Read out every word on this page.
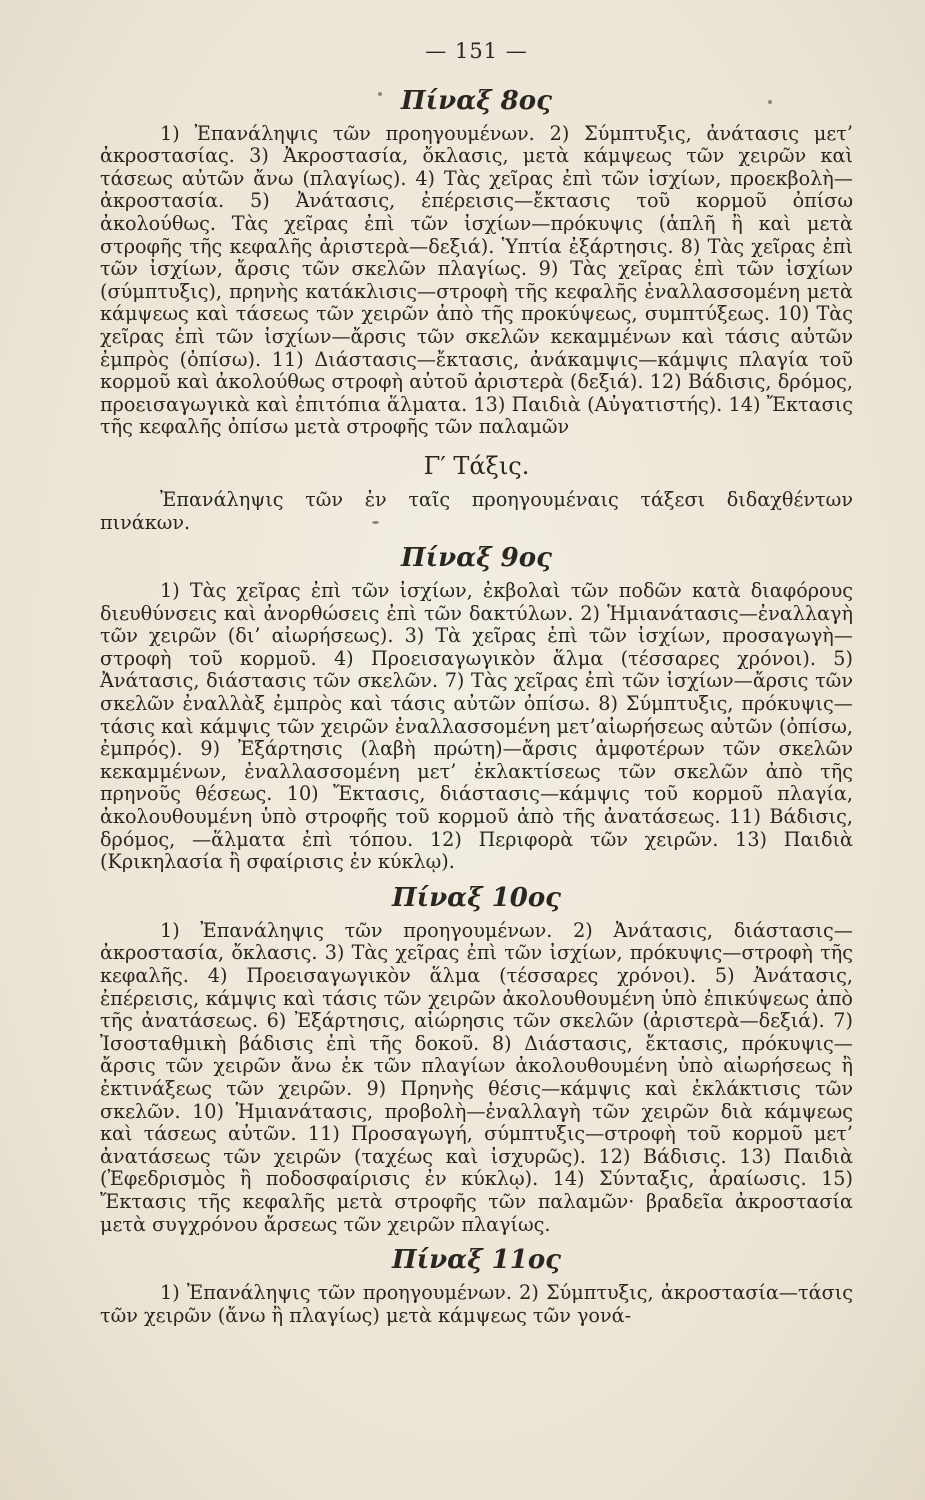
— 151 —
Πίναξ 8ος

1) Ἐπανάληψις τῶν προηγουμένων. 2) Σύμπτυξις, ἀνάτασις μετ’ ἀκροστασίας. 3) Ἀκροστασία, ὄκλασις, μετὰ κάμψεως τῶν χειρῶν καὶ τάσεως αὐτῶν ἄνω (πλαγίως). 4) Τὰς χεῖρας ἐπὶ τῶν ἰσχίων, προεκβολὴ—ἀκροστασία. 5) Ἀνάτασις, ἐπέρεισις—ἔκτασις τοῦ κορμοῦ ὀπίσω ἀκολούθως. Τὰς χεῖρας ἐπὶ τῶν ἰσχίων—πρόκυψις (ἁπλῆ ἢ καὶ μετὰ στροφῆς τῆς κεφαλῆς ἀριστερὰ—δεξιά). Ὑπτία ἐξάρτησις. 8) Τὰς χεῖρας ἐπὶ τῶν ἰσχίων, ἄρσις τῶν σκελῶν πλαγίως. 9) Τὰς χεῖρας ἐπὶ τῶν ἰσχίων (σύμπτυξις), πρηνὴς κατάκλισις—στροφὴ τῆς κεφαλῆς ἐναλλασσομένη μετὰ κάμψεως καὶ τάσεως τῶν χειρῶν ἀπὸ τῆς προκύψεως, συμπτύξεως. 10) Τὰς χεῖρας ἐπὶ τῶν ἰσχίων—ἄρσις τῶν σκελῶν κεκαμμένων καὶ τάσις αὐτῶν ἐμπρὸς (ὀπίσω). 11) Διάστασις—ἔκτασις, ἀνάκαμψις—κάμψις πλαγία τοῦ κορμοῦ καὶ ἀκολούθως στροφὴ αὐτοῦ ἀριστερὰ (δεξιά). 12) Βάδισις, δρόμος, προεισαγωγικὰ καὶ ἐπιτόπια ἅλματα. 13) Παιδιὰ (Αὐγατιστής). 14) Ἔκτασις τῆς κεφαλῆς ὀπίσω μετὰ στροφῆς τῶν παλαμῶν

Γ′ Τάξις.

Ἐπανάληψις τῶν ἐν ταῖς προηγουμέναις τάξεσι διδαχθέντων πινάκων.

Πίναξ 9ος

1) Τὰς χεῖρας ἐπὶ τῶν ἰσχίων, ἐκβολαὶ τῶν ποδῶν κατὰ διαφόρους διευθύνσεις καὶ ἀνορθώσεις ἐπὶ τῶν δακτύλων. 2) Ἡμιανάτασις—ἐναλλαγὴ τῶν χειρῶν (δι’ αἰωρήσεως). 3) Τὰ χεῖρας ἐπὶ τῶν ἰσχίων, προσαγωγὴ—στροφὴ τοῦ κορμοῦ. 4) Προεισαγωγικὸν ἅλμα (τέσσαρες χρόνοι). 5) Ἀνάτασις, διάστασις τῶν σκελῶν. 7) Τὰς χεῖρας ἐπὶ τῶν ἰσχίων—ἄρσις τῶν σκελῶν ἐναλλὰξ ἐμπρὸς καὶ τάσις αὐτῶν ὀπίσω. 8) Σύμπτυξις, πρόκυψις—τάσις καὶ κάμψις τῶν χειρῶν ἐναλλασσομένη μετ’αἰωρήσεως αὐτῶν (ὀπίσω, ἐμπρός). 9) Ἐξάρτησις (λαβὴ πρώτη)—ἄρσις ἀμφοτέρων τῶν σκελῶν κεκαμμένων, ἐναλλασσομένη μετ’ ἐκλακτίσεως τῶν σκελῶν ἀπὸ τῆς πρηνοῦς θέσεως. 10) Ἔκτασις, διάστασις—κάμψις τοῦ κορμοῦ πλαγία, ἀκολουθουμένη ὑπὸ στροφῆς τοῦ κορμοῦ ἀπὸ τῆς ἀνατάσεως. 11) Βάδισις, δρόμος, —ἅλματα ἐπὶ τόπου. 12) Περιφορὰ τῶν χειρῶν. 13) Παιδιὰ (Κρικηλασία ἢ σφαίρισις ἐν κύκλῳ).

Πίναξ 10ος

1) Ἐπανάληψις τῶν προηγουμένων. 2) Ἀνάτασις, διάστασις—ἀκροστασία, ὄκλασις. 3) Τὰς χεῖρας ἐπὶ τῶν ἰσχίων, πρόκυψις—στροφὴ τῆς κεφαλῆς. 4) Προεισαγωγικὸν ἅλμα (τέσσαρες χρόνοι). 5) Ἀνάτασις, ἐπέρεισις, κάμψις καὶ τάσις τῶν χειρῶν ἀκολουθουμένη ὑπὸ ἐπικύψεως ἀπὸ τῆς ἀνατάσεως. 6) Ἐξάρτησις, αἰώρησις τῶν σκελῶν (ἀριστερὰ—δεξιά). 7) Ἰσοσταθμικὴ βάδισις ἐπὶ τῆς δοκοῦ. 8) Διάστασις, ἔκτασις, πρόκυψις—ἄρσις τῶν χειρῶν ἄνω ἐκ τῶν πλαγίων ἀκολουθουμένη ὑπὸ αἰωρήσεως ἢ ἐκτινάξεως τῶν χειρῶν. 9) Πρηνὴς θέσις—κάμψις καὶ ἐκλάκτισις τῶν σκελῶν. 10) Ἡμιανάτασις, προβολὴ—ἐναλλαγὴ τῶν χειρῶν διὰ κάμψεως καὶ τάσεως αὐτῶν. 11) Προσαγωγή, σύμπτυξις—στροφὴ τοῦ κορμοῦ μετ’ ἀνατάσεως τῶν χειρῶν (ταχέως καὶ ἰσχυρῶς). 12) Βάδισις. 13) Παιδιὰ (Ἐφεδρισμὸς ἢ ποδοσφαίρισις ἐν κύκλῳ). 14) Σύνταξις, ἀραίωσις. 15) Ἔκτασις τῆς κεφαλῆς μετὰ στροφῆς τῶν παλαμῶν· βραδεῖα ἀκροστασία μετὰ συγχρόνου ἄρσεως τῶν χειρῶν πλαγίως.

Πίναξ 11ος

1) Ἐπανάληψις τῶν προηγουμένων. 2) Σύμπτυξις, ἀκροστασία—τάσις τῶν χειρῶν (ἄνω ἢ πλαγίως) μετὰ κάμψεως τῶν γονά-
